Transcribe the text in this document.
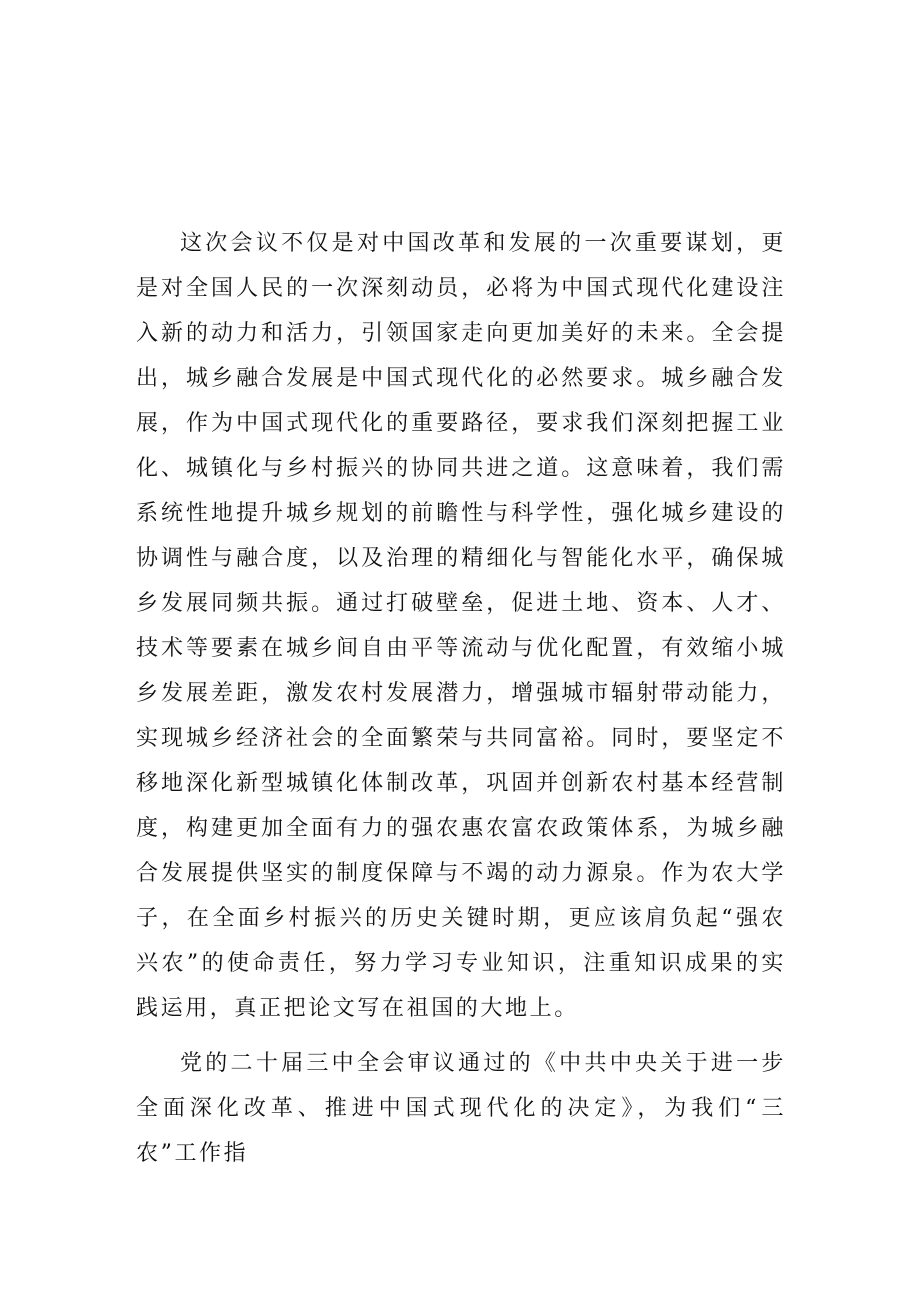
这次会议不仅是对中国改革和发展的一次重要谋划，更是对全国人民的一次深刻动员，必将为中国式现代化建设注入新的动力和活力，引领国家走向更加美好的未来。全会提出，城乡融合发展是中国式现代化的必然要求。城乡融合发展，作为中国式现代化的重要路径，要求我们深刻把握工业化、城镇化与乡村振兴的协同共进之道。这意味着，我们需系统性地提升城乡规划的前瞻性与科学性，强化城乡建设的协调性与融合度，以及治理的精细化与智能化水平，确保城乡发展同频共振。通过打破壁垒，促进土地、资本、人才、技术等要素在城乡间自由平等流动与优化配置，有效缩小城乡发展差距，激发农村发展潜力，增强城市辐射带动能力，实现城乡经济社会的全面繁荣与共同富裕。同时，要坚定不移地深化新型城镇化体制改革，巩固并创新农村基本经营制度，构建更加全面有力的强农惠农富农政策体系，为城乡融合发展提供坚实的制度保障与不竭的动力源泉。作为农大学子，在全面乡村振兴的历史关键时期，更应该肩负起“强农兴农”的使命责任，努力学习专业知识，注重知识成果的实践运用，真正把论文写在祖国的大地上。

党的二十届三中全会审议通过的《中共中央关于进一步全面深化改革、推进中国式现代化的决定》，为我们“三农”工作指
